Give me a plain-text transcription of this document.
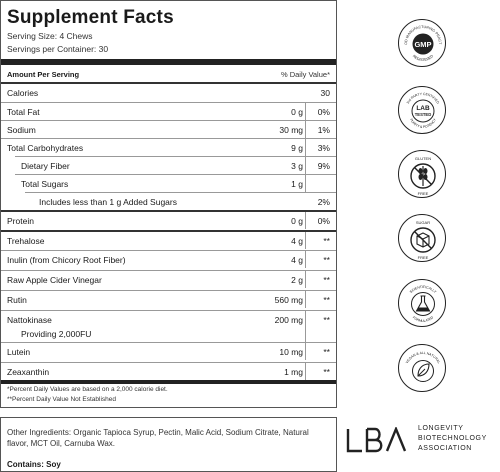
Supplement Facts
Serving Size: 4 Chews
Servings per Container: 30
Amount Per Serving	% Daily Value*
Calories	30
Total Fat	0 g 0%
Sodium	30 mg 1%
Total Carbohydrates	9 g 3%
Dietary Fiber	3 g 9%
Total Sugars	1 g
Includes less than 1 g Added Sugars	2%
Protein	0 g 0%
Trehalose	4 g **
Inulin (from Chicory Root Fiber)	4 g **
Raw Apple Cider Vinegar	2 g **
Rutin	560 mg **
Nattokinase	200 mg **
Providing 2,000FU
Lutein	10 mg **
Zeaxanthin	1 mg **
*Percent Daily Values are based on a 2,000 calorie diet.
**Percent Daily Value Not Established
Other Ingredients: Organic Tapioca Syrup, Pectin, Malic Acid, Sodium Citrate, Natural flavor, MCT Oil, Carnuba Wax.
Contains: Soy
GMP
OD MANUFACTURING PRACT
REGISTERED
LAB
TESTED
3rd PARTY CERTIFIED
PURITY & POTENCY
GLUTEN
FREE
SUGAR
FREE
SCIENTIFICALLY
FORMULATED
VEGAN & ALL NATURAL
LONGEVITY
BIOTECHNOLOGY
ASSOCIATION
